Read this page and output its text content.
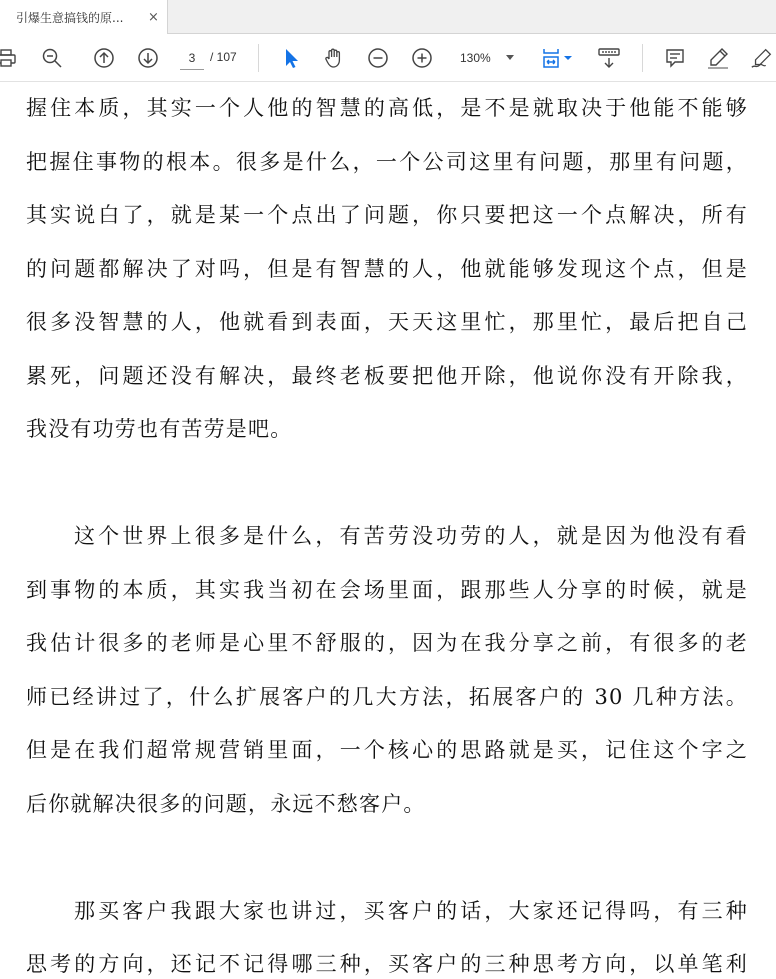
引爆生意搞钱的原...	×
3
/ 107	130%
握住本质，其实一个人他的智慧的高低，是不是就取决于他能不能够
把握住事物的根本。很多是什么，一个公司这里有问题，那里有问题，
其实说白了，就是某一个点出了问题，你只要把这一个点解决，所有
的问题都解决了对吗，但是有智慧的人，他就能够发现这个点，但是
很多没智慧的人，他就看到表面，天天这里忙，那里忙，最后把自己
累死，问题还没有解决，最终老板要把他开除，他说你没有开除我，
我没有功劳也有苦劳是吧。
这个世界上很多是什么，有苦劳没功劳的人，就是因为他没有看
到事物的本质，其实我当初在会场里面，跟那些人分享的时候，就是
我估计很多的老师是心里不舒服的，因为在我分享之前，有很多的老
师已经讲过了，什么扩展客户的几大方法，拓展客户的 30 几种方法。
但是在我们超常规营销里面，一个核心的思路就是买，记住这个字之
后你就解决很多的问题，永远不愁客户。
那买客户我跟大家也讲过，买客户的话，大家还记得吗，有三种
思考的方向，还记不记得哪三种，买客户的三种思考方向，以单笔利
